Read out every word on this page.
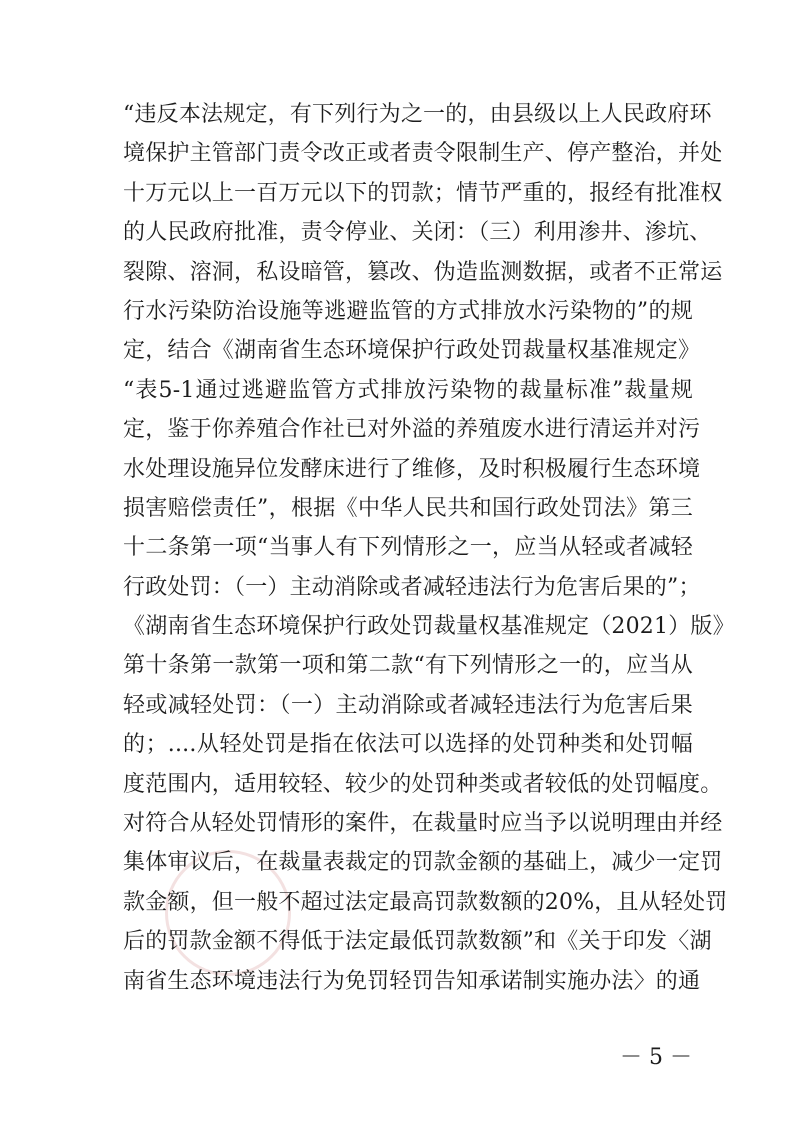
“违反本法规定，有下列行为之一的，由县级以上人民政府环
境保护主管部门责令改正或者责令限制生产、停产整治，并处
十万元以上一百万元以下的罚款；情节严重的，报经有批准权
的人民政府批准，责令停业、关闭：（三）利用渗井、渗坑、
裂隙、溶洞，私设暗管，篡改、伪造监测数据，或者不正常运
行水污染防治设施等逃避监管的方式排放水污染物的”的规
定，结合《湖南省生态环境保护行政处罚裁量权基准规定》
“表5-1通过逃避监管方式排放污染物的裁量标准”裁量规
定，鉴于你养殖合作社已对外溢的养殖废水进行清运并对污
水处理设施异位发酵床进行了维修，及时积极履行生态环境
损害赔偿责任”，根据《中华人民共和国行政处罚法》第三
十二条第一项“当事人有下列情形之一，应当从轻或者减轻
行政处罚：（一）主动消除或者减轻违法行为危害后果的”；
《湖南省生态环境保护行政处罚裁量权基准规定（2021）版》
第十条第一款第一项和第二款“有下列情形之一的，应当从
轻或减轻处罚：（一）主动消除或者减轻违法行为危害后果
的；....从轻处罚是指在依法可以选择的处罚种类和处罚幅
度范围内，适用较轻、较少的处罚种类或者较低的处罚幅度。
对符合从轻处罚情形的案件，在裁量时应当予以说明理由并经
集体审议后，在裁量表裁定的罚款金额的基础上，减少一定罚
款金额，但一般不超过法定最高罚款数额的20%，且从轻处罚
后的罚款金额不得低于法定最低罚款数额”和《关于印发〈湖
南省生态环境违法行为免罚轻罚告知承诺制实施办法〉的通
－ 5 －
